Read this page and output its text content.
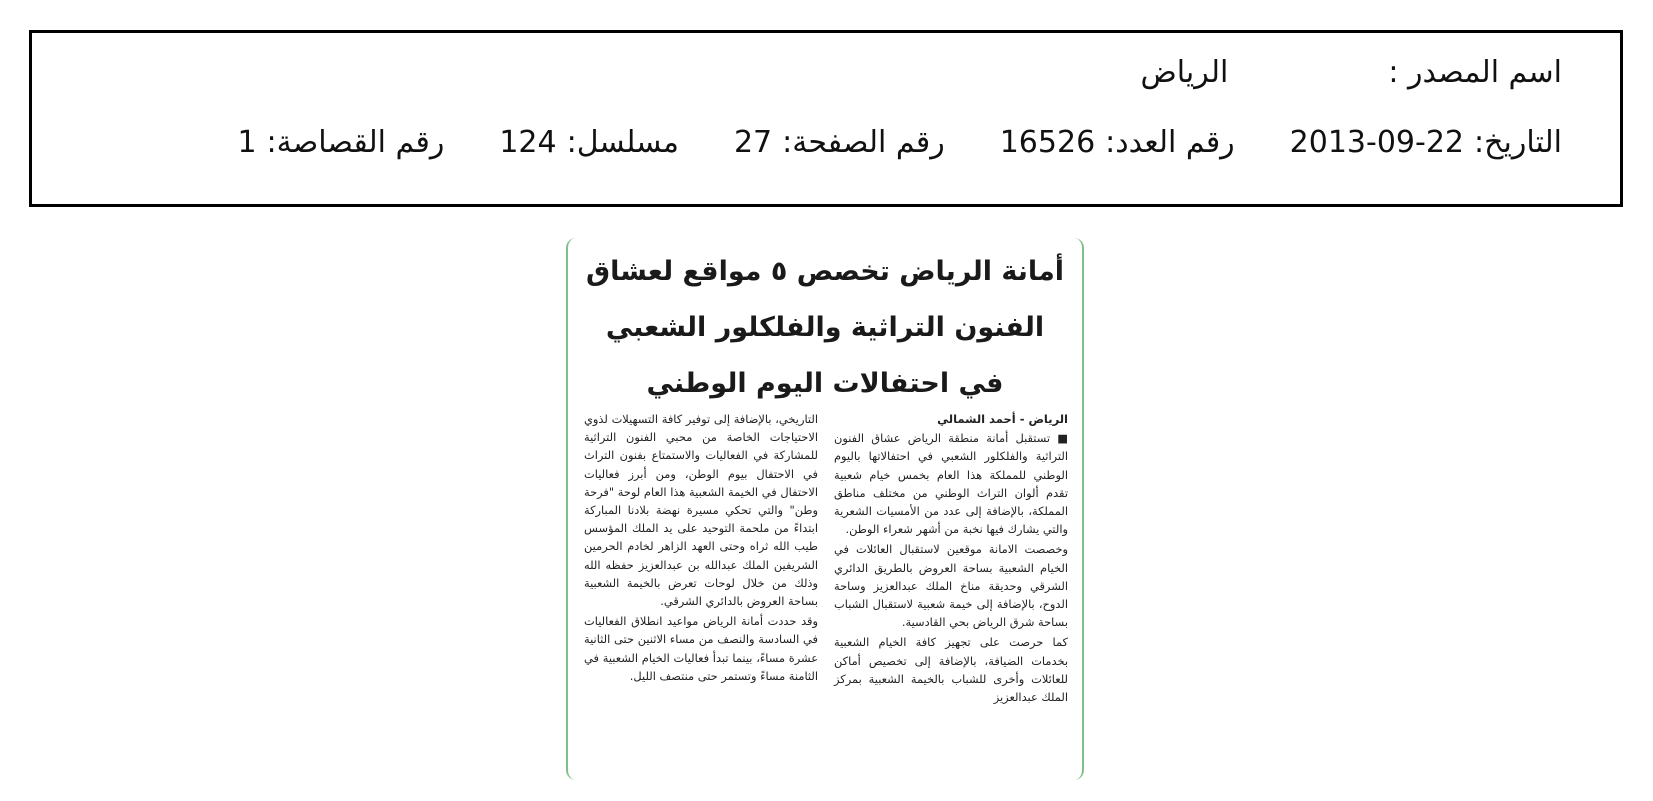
اسم المصدر :
الرياض
التاريخ:
2013-09-22
رقم العدد:
16526
رقم الصفحة:
27
مسلسل:
124
رقم القصاصة:
1
أمانة الرياض تخصص ٥ مواقع لعشاق
الفنون التراثية والفلكلور الشعبي
في احتفالات اليوم الوطني
الرياض - أحمد الشمالي

■ تستقبل أمانة منطقة الرياض عشاق الفنون التراثية والفلكلور الشعبي في احتفالاتها باليوم الوطني للمملكة هذا العام بخمس خيام شعبية تقدم ألوان التراث الوطني من مختلف مناطق المملكة، بالإضافة إلى عدد من الأمسيات الشعرية والتي يشارك فيها نخبة من أشهر شعراء الوطن.

وخصصت الامانة موقعين لاستقبال العائلات في الخيام الشعبية بساحة العروض بالطريق الدائري الشرقي وحديقة مناخ الملك عبدالعزيز وساحة الدوح، بالإضافة إلى خيمة شعبية لاستقبال الشباب بساحة شرق الرياض بحي القادسية.

كما حرصت على تجهيز كافة الخيام الشعبية بخدمات الضيافة، بالإضافة إلى تخصيص أماكن للعائلات وأخرى للشباب بالخيمة الشعبية بمركز الملك عبدالعزيز

التاريخي، بالإضافة إلى توفير كافة التسهيلات لذوي الاحتياجات الخاصة من محبي الفنون التراثية للمشاركة في الفعاليات والاستمتاع بفنون التراث في الاحتفال بيوم الوطن، ومن أبرز فعاليات الاحتفال في الخيمة الشعبية هذا العام لوحة "فرحة وطن" والتي تحكي مسيرة نهضة بلادنا المباركة ابتداءً من ملحمة التوحيد على يد الملك المؤسس طيب الله ثراه وحتى العهد الزاهر لخادم الحرمين الشريفين الملك عبدالله بن عبدالعزيز حفظه الله وذلك من خلال لوحات تعرض بالخيمة الشعبية بساحة العروض بالدائري الشرقي.

وقد حددت أمانة الرياض مواعيد انطلاق الفعاليات في السادسة والنصف من مساء الاثنين حتى الثانية عشرة مساءً، بينما تبدأ فعاليات الخيام الشعبية في الثامنة مساءً وتستمر حتى منتصف الليل.
